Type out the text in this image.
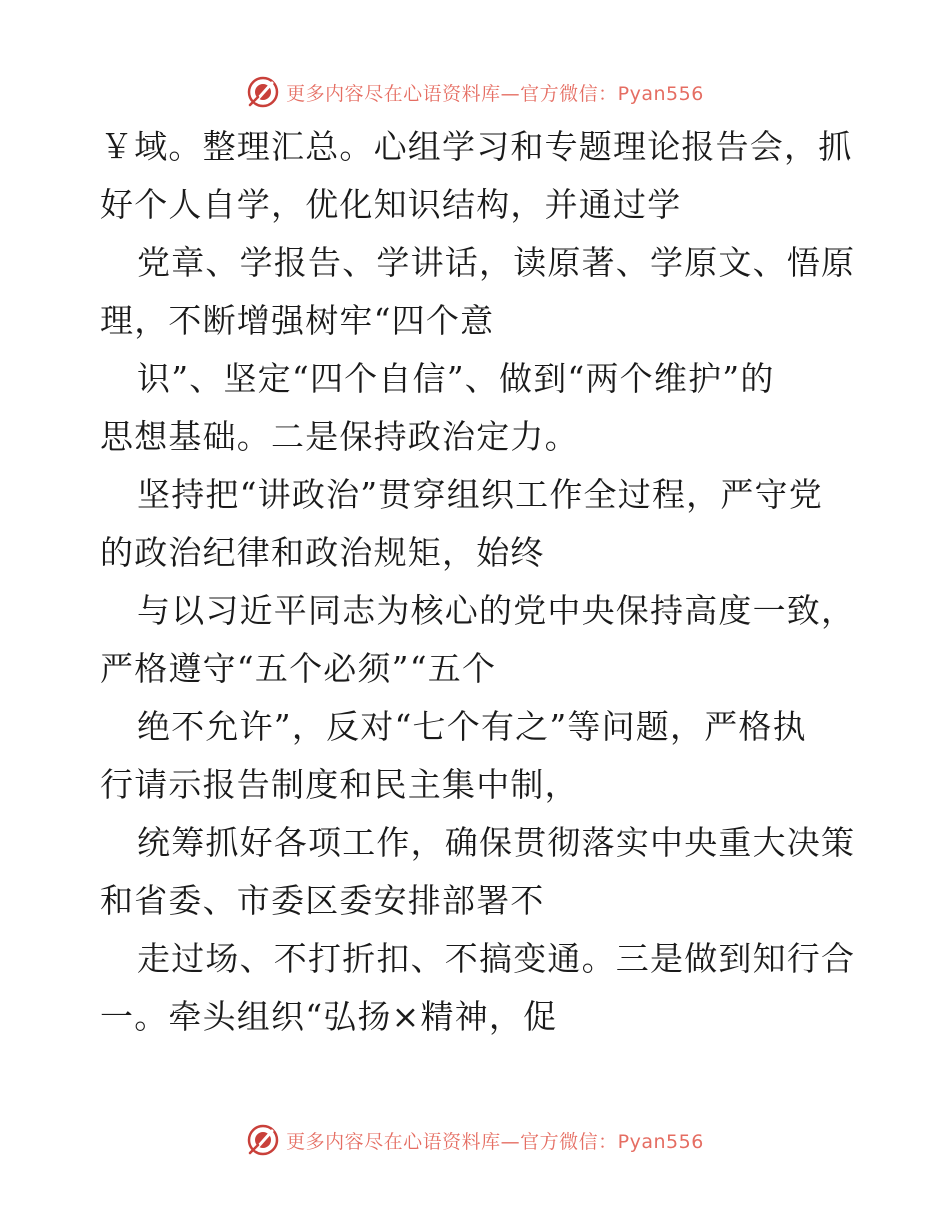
更多内容尽在心语资料库—官方微信：Pyan556
￥域。整理汇总。心组学习和专题理论报告会，抓
好个人自学，优化知识结构，并通过学
党章、学报告、学讲话，读原著、学原文、悟原
理，不断增强树牢“四个意
识”、坚定“四个自信”、做到“两个维护”的
思想基础。二是保持政治定力。
坚持把“讲政治”贯穿组织工作全过程，严守党
的政治纪律和政治规矩，始终
与以习近平同志为核心的党中央保持高度一致，
严格遵守“五个必须”“五个
绝不允许”，反对“七个有之”等问题，严格执
行请示报告制度和民主集中制，
统筹抓好各项工作，确保贯彻落实中央重大决策
和省委、市委区委安排部署不
走过场、不打折扣、不搞变通。三是做到知行合
一。牵头组织“弘扬×精神，促
更多内容尽在心语资料库—官方微信：Pyan556
